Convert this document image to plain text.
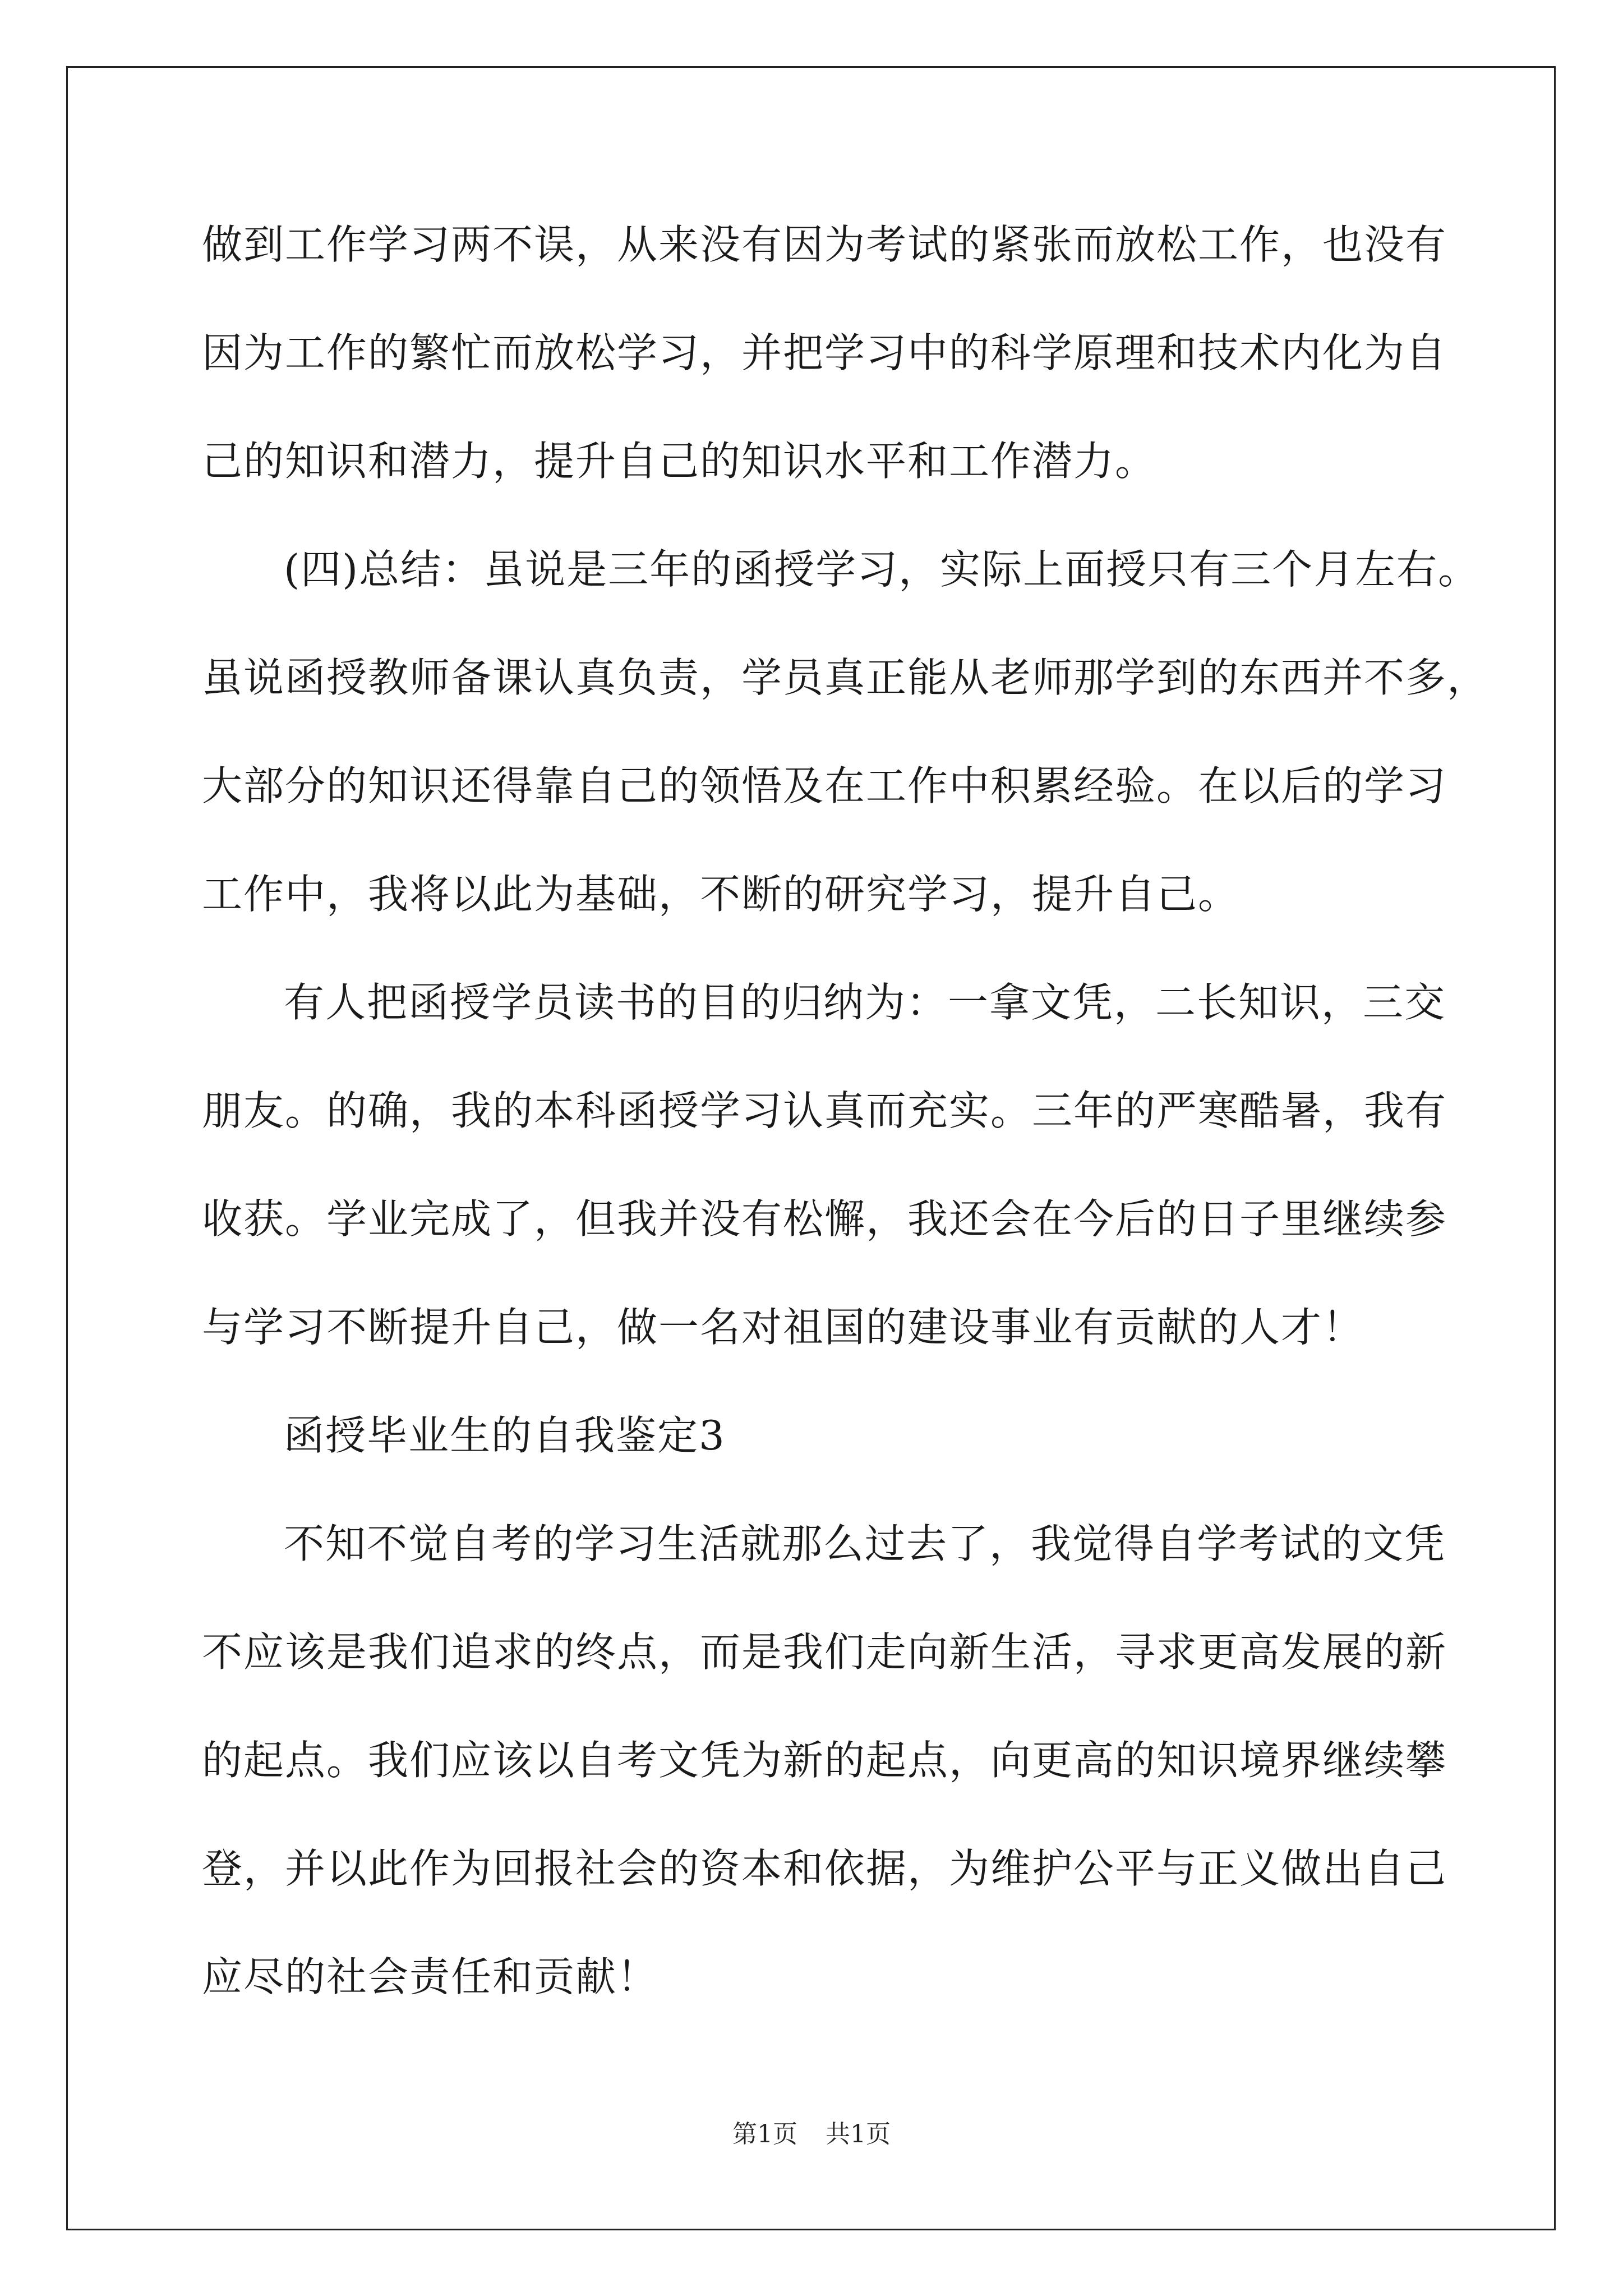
做到工作学习两不误，从来没有因为考试的紧张而放松工作，也没有
因为工作的繁忙而放松学习，并把学习中的科学原理和技术内化为自
己的知识和潜力，提升自己的知识水平和工作潜力。
(四)总结：虽说是三年的函授学习，实际上面授只有三个月左右。
虽说函授教师备课认真负责，学员真正能从老师那学到的东西并不多，
大部分的知识还得靠自己的领悟及在工作中积累经验。在以后的学习
工作中，我将以此为基础，不断的研究学习，提升自己。
有人把函授学员读书的目的归纳为：一拿文凭，二长知识，三交
朋友。的确，我的本科函授学习认真而充实。三年的严寒酷暑，我有
收获。学业完成了，但我并没有松懈，我还会在今后的日子里继续参
与学习不断提升自己，做一名对祖国的建设事业有贡献的人才！
函授毕业生的自我鉴定3
不知不觉自考的学习生活就那么过去了，我觉得自学考试的文凭
不应该是我们追求的终点，而是我们走向新生活，寻求更高发展的新
的起点。我们应该以自考文凭为新的起点，向更高的知识境界继续攀
登，并以此作为回报社会的资本和依据，为维护公平与正义做出自己
应尽的社会责任和贡献！
第1页 共1页
